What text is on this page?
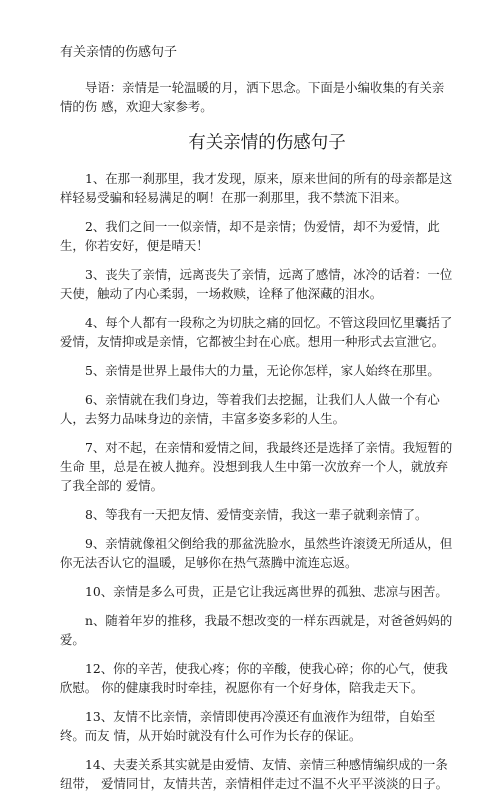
有关亲情的伤感句子

导语：亲情是一轮温暖的月，洒下思念。下面是小编收集的有关亲情的伤 感，欢迎大家参考。

有关亲情的伤感句子

1、在那一刹那里，我才发现，原来，原来世间的所有的母亲都是这样轻易受骗和轻易满足的啊！在那一刹那里，我不禁流下泪来。

2、我们之间一一似亲情，却不是亲情；伪爱情，却不为爱情，此生，你若安好，便是晴天！

3、丧失了亲情，远离丧失了亲情，远离了感情，冰冷的话着：一位天使，触动了内心柔弱，一场救赎，诠释了他深藏的泪水。

4、每个人都有一段称之为切肤之痛的回忆。不管这段回忆里囊括了爱情，友情抑或是亲情，它都被尘封在心底。想用一种形式去宣泄它。

5、亲情是世界上最伟大的力量，无论你怎样，家人始终在那里。

6、亲情就在我们身边，等着我们去挖掘，让我们人人做一个有心人，去努力品味身边的亲情，丰富多姿多彩的人生。

7、对不起，在亲情和爱情之间，我最终还是选择了亲情。我短暂的生命 里，总是在被人抛弃。没想到我人生中第一次放弃一个人，就放弃了我全部的 爱情。

8、等我有一天把友情、爱情变亲情，我这一辈子就剩亲情了。

9、亲情就像祖父倒给我的那盆洗脸水，虽然些许滚烫无所适从，但你无法否认它的温暖，足够你在热气蒸腾中流连忘返。

10、亲情是多么可贵，正是它让我远离世界的孤独、悲凉与困苦。

n、随着年岁的推移，我最不想改变的一样东西就是，对爸爸妈妈的爱。

12、你的辛苦，使我心疼；你的辛酸，使我心碎；你的心气，使我欣慰。 你的健康我时时牵挂，祝愿你有一个好身体，陪我走天下。

13、友情不比亲情，亲情即使再冷漠还有血液作为纽带，自始至终。而友 情，从开始时就没有什么可作为长存的保证。

14、夫妻关系其实就是由爱情、友情、亲情三种感情编织成的一条纽带， 爱情同甘，友情共苦，亲情相伴走过不温不火平平淡淡的日子。
